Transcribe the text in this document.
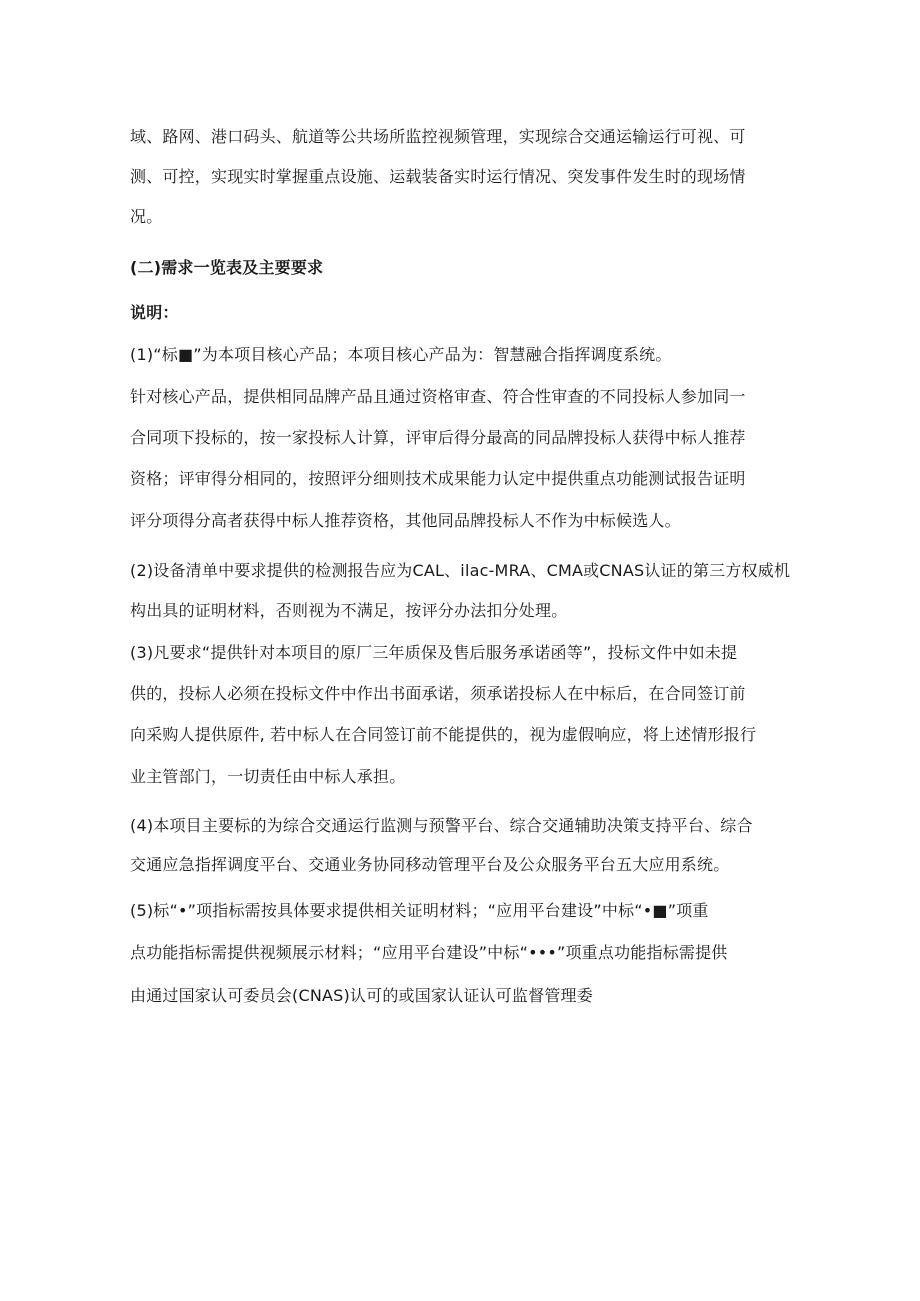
域、路网、港口码头、航道等公共场所监控视频管理，实现综合交通运输运行可视、可
测、可控，实现实时掌握重点设施、运载装备实时运行情况、突发事件发生时的现场情
况。
(二)需求一览表及主要要求
说明：
(1)“标■”为本项目核心产品；本项目核心产品为：智慧融合指挥调度系统。
针对核心产品，提供相同品牌产品且通过资格审查、符合性审查的不同投标人参加同一
合同项下投标的，按一家投标人计算，评审后得分最高的同品牌投标人获得中标人推荐
资格；评审得分相同的，按照评分细则技术成果能力认定中提供重点功能测试报告证明
评分项得分高者获得中标人推荐资格，其他同品牌投标人不作为中标候选人。
(2)设备清单中要求提供的检测报告应为CAL、ilac-MRA、CMA或CNAS认证的第三方权威机
构出具的证明材料，否则视为不满足，按评分办法扣分处理。
(3)凡要求“提供针对本项目的原厂三年质保及售后服务承诺函等”，投标文件中如未提
供的，投标人必须在投标文件中作出书面承诺，须承诺投标人在中标后，在合同签订前
向采购人提供原件, 若中标人在合同签订前不能提供的，视为虚假响应，将上述情形报行
业主管部门，一切责任由中标人承担。
(4)本项目主要标的为综合交通运行监测与预警平台、综合交通辅助决策支持平台、综合
交通应急指挥调度平台、交通业务协同移动管理平台及公众服务平台五大应用系统。
(5)标“•”项指标需按具体要求提供相关证明材料；“应用平台建设”中标“•■”项重
点功能指标需提供视频展示材料；“应用平台建设”中标“•••”项重点功能指标需提供
由通过国家认可委员会(CNAS)认可的或国家认证认可监督管理委
